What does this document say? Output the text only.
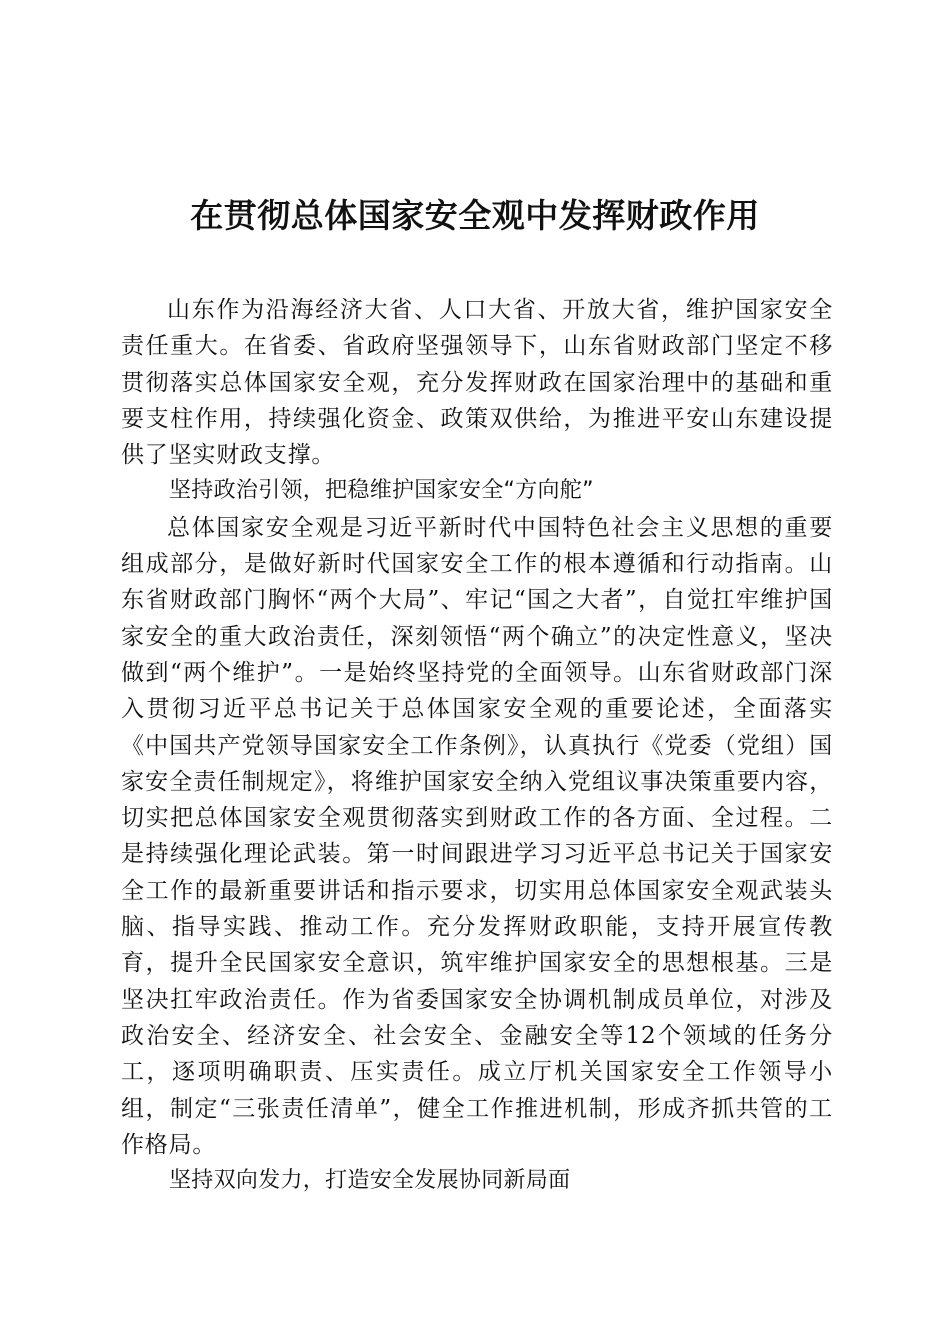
在贯彻总体国家安全观中发挥财政作用

山东作为沿海经济大省、人口大省、开放大省，维护国家安全责任重大。在省委、省政府坚强领导下，山东省财政部门坚定不移贯彻落实总体国家安全观，充分发挥财政在国家治理中的基础和重要支柱作用，持续强化资金、政策双供给，为推进平安山东建设提供了坚实财政支撑。

坚持政治引领，把稳维护国家安全“方向舵”

总体国家安全观是习近平新时代中国特色社会主义思想的重要组成部分，是做好新时代国家安全工作的根本遵循和行动指南。山东省财政部门胸怀“两个大局”、牢记“国之大者”，自觉扛牢维护国家安全的重大政治责任，深刻领悟“两个确立”的决定性意义，坚决做到“两个维护”。一是始终坚持党的全面领导。山东省财政部门深入贯彻习近平总书记关于总体国家安全观的重要论述，全面落实《中国共产党领导国家安全工作条例》，认真执行《党委（党组）国家安全责任制规定》，将维护国家安全纳入党组议事决策重要内容，切实把总体国家安全观贯彻落实到财政工作的各方面、全过程。二是持续强化理论武装。第一时间跟进学习习近平总书记关于国家安全工作的最新重要讲话和指示要求，切实用总体国家安全观武装头脑、指导实践、推动工作。充分发挥财政职能，支持开展宣传教育，提升全民国家安全意识，筑牢维护国家安全的思想根基。三是坚决扛牢政治责任。作为省委国家安全协调机制成员单位，对涉及政治安全、经济安全、社会安全、金融安全等12个领域的任务分工，逐项明确职责、压实责任。成立厅机关国家安全工作领导小组，制定“三张责任清单”，健全工作推进机制，形成齐抓共管的工作格局。

坚持双向发力，打造安全发展协同新局面
